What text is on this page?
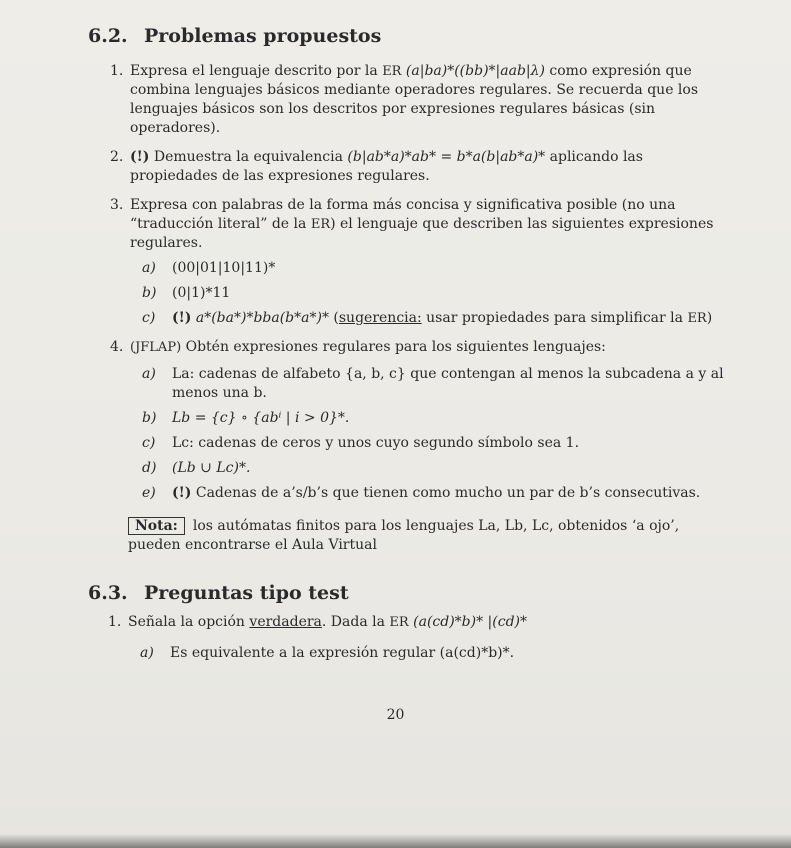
6.2. Problemas propuestos
1. Expresa el lenguaje descrito por la ER (a|ba)*((bb)*|aab|λ) como expresión que combina lenguajes básicos mediante operadores regulares. Se recuerda que los lenguajes básicos son los descritos por expresiones regulares básicas (sin operadores).
2. (!) Demuestra la equivalencia (b|ab*a)*ab* = b*a(b|ab*a)* aplicando las propiedades de las expresiones regulares.
3. Expresa con palabras de la forma más concisa y significativa posible (no una “traducción literal” de la ER) el lenguaje que describen las siguientes expresiones regulares.
a) (00|01|10|11)*
b) (0|1)*11
c) (!) a*(ba*)*bba(b*a*)* (sugerencia: usar propiedades para simplificar la ER)
4. (JFLAP) Obtén expresiones regulares para los siguientes lenguajes:
a) La: cadenas de alfabeto {a, b, c} que contengan al menos la subcadena a y al menos una b.
b) Lb = {c} ∘ {abⁱ | i > 0}*.
c) Lc: cadenas de ceros y unos cuyo segundo símbolo sea 1.
d) (Lb ∪ Lc)*.
e) (!) Cadenas de a’s/b’s que tienen como mucho un par de b’s consecutivas.

Nota: los autómatas finitos para los lenguajes La, Lb, Lc, obtenidos ‘a ojo’, pueden encontrarse el Aula Virtual

6.3. Preguntas tipo test
1. Señala la opción verdadera. Dada la ER (a(cd)*b)* |(cd)*
a) Es equivalente a la expresión regular (a(cd)*b)*.
20
